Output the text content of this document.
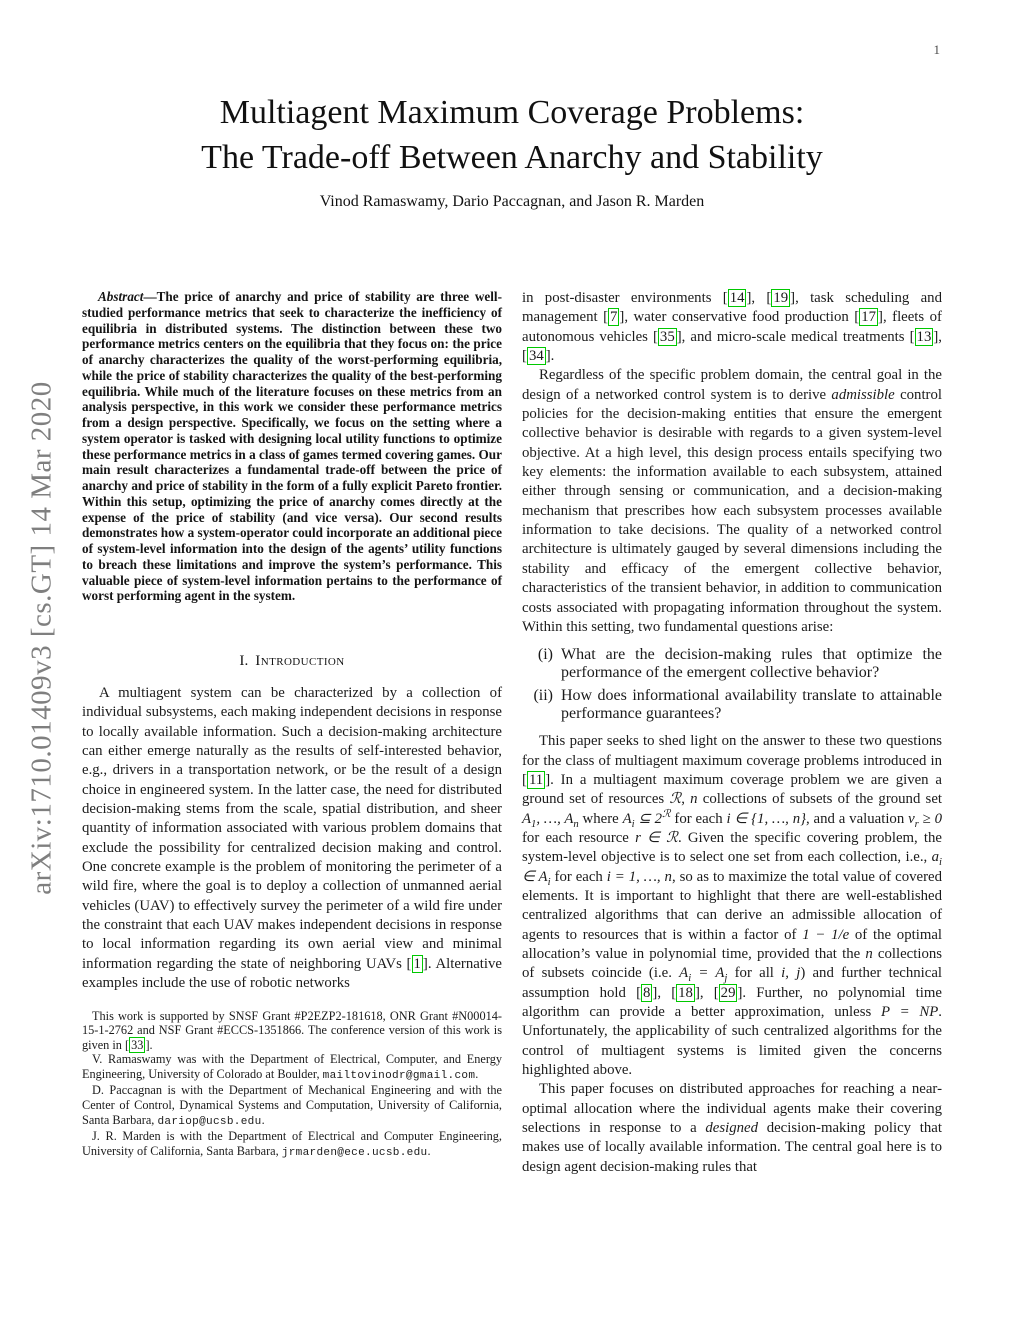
1
arXiv:1710.01409v3 [cs.GT] 14 Mar 2020
Multiagent Maximum Coverage Problems:
The Trade-off Between Anarchy and Stability
Vinod Ramaswamy, Dario Paccagnan, and Jason R. Marden

Abstract—The price of anarchy and price of stability are three well-studied performance metrics that seek to characterize the inefficiency of equilibria in distributed systems. The distinction between these two performance metrics centers on the equilibria that they focus on: the price of anarchy characterizes the quality of the worst-performing equilibria, while the price of stability characterizes the quality of the best-performing equilibria. While much of the literature focuses on these metrics from an analysis perspective, in this work we consider these performance metrics from a design perspective. Specifically, we focus on the setting where a system operator is tasked with designing local utility functions to optimize these performance metrics in a class of games termed covering games. Our main result characterizes a fundamental trade-off between the price of anarchy and price of stability in the form of a fully explicit Pareto frontier. Within this setup, optimizing the price of anarchy comes directly at the expense of the price of stability (and vice versa). Our second results demonstrates how a system-operator could incorporate an additional piece of system-level information into the design of the agents’ utility functions to breach these limitations and improve the system’s performance. This valuable piece of system-level information pertains to the performance of worst performing agent in the system.

I. Introduction

A multiagent system can be characterized by a collection of individual subsystems, each making independent decisions in response to locally available information. Such a decision-making architecture can either emerge naturally as the results of self-interested behavior, e.g., drivers in a transportation network, or be the result of a design choice in engineered system. In the latter case, the need for distributed decision-making stems from the scale, spatial distribution, and sheer quantity of information associated with various problem domains that exclude the possibility for centralized decision making and control. One concrete example is the problem of monitoring the perimeter of a wild fire, where the goal is to deploy a collection of unmanned aerial vehicles (UAV) to effectively survey the perimeter of a wild fire under the constraint that each UAV makes independent decisions in response to local information regarding its own aerial view and minimal information regarding the state of neighboring UAVs [ 1 ]. Alternative examples include the use of robotic networks

This work is supported by SNSF Grant #P2EZP2-181618, ONR Grant #N00014-15-1-2762 and NSF Grant #ECCS-1351866. The conference version of this work is given in [ 33 ].

V. Ramaswamy was with the Department of Electrical, Computer, and Energy Engineering, University of Colorado at Boulder, mailtovinodr@gmail.com.

D. Paccagnan is with the Department of Mechanical Engineering and with the Center of Control, Dynamical Systems and Computation, University of California, Santa Barbara, dariop@ucsb.edu.

J. R. Marden is with the Department of Electrical and Computer Engineering, University of California, Santa Barbara, jrmarden@ece.ucsb.edu.

in post-disaster environments [ 14 ], [ 19 ], task scheduling and management [ 7 ], water conservative food production [ 17 ], fleets of autonomous vehicles [ 35 ], and micro-scale medical treatments [ 13 ], [ 34 ].

Regardless of the specific problem domain, the central goal in the design of a networked control system is to derive admissible control policies for the decision-making entities that ensure the emergent collective behavior is desirable with regards to a given system-level objective. At a high level, this design process entails specifying two key elements: the information available to each subsystem, attained either through sensing or communication, and a decision-making mechanism that prescribes how each subsystem processes available information to take decisions. The quality of a networked control architecture is ultimately gauged by several dimensions including the stability and efficacy of the emergent collective behavior, characteristics of the transient behavior, in addition to communication costs associated with propagating information throughout the system. Within this setting, two fundamental questions arise:

(i) What are the decision-making rules that optimize the performance of the emergent collective behavior?
(ii) How does informational availability translate to attainable performance guarantees?

This paper seeks to shed light on the answer to these two questions for the class of multiagent maximum coverage problems introduced in [ 11 ]. In a multiagent maximum coverage problem we are given a ground set of resources ℛ, n collections of subsets of the ground set $A_1$, …, $A_n$ where $A_i$ ⊆ $2^ℛ$ for each i ∈ {1, …, n}, and a valuation $v_r \ge 0$ for each resource r ∈ ℛ. Given the specific covering problem, the system-level objective is to select one set from each collection, i.e., $a_i$ ∈ $A_i$ for each i = 1, …, n, so as to maximize the total value of covered elements. It is important to highlight that there are well-established centralized algorithms that can derive an admissible allocation of agents to resources that is within a factor of 1 − 1/e of the optimal allocation’s value in polynomial time, provided that the n collections of subsets coincide (i.e. $A_i = A_j$ for all i, j) and further technical assumption hold [ 8 ], [ 18 ], [ 29 ]. Further, no polynomial time algorithm can provide a better approximation, unless P = NP. Unfortunately, the applicability of such centralized algorithms for the control of multiagent systems is limited given the concerns highlighted above.

This paper focuses on distributed approaches for reaching a near-optimal allocation where the individual agents make their covering selections in response to a designed decision-making policy that makes use of locally available information. The central goal here is to design agent decision-making rules that
